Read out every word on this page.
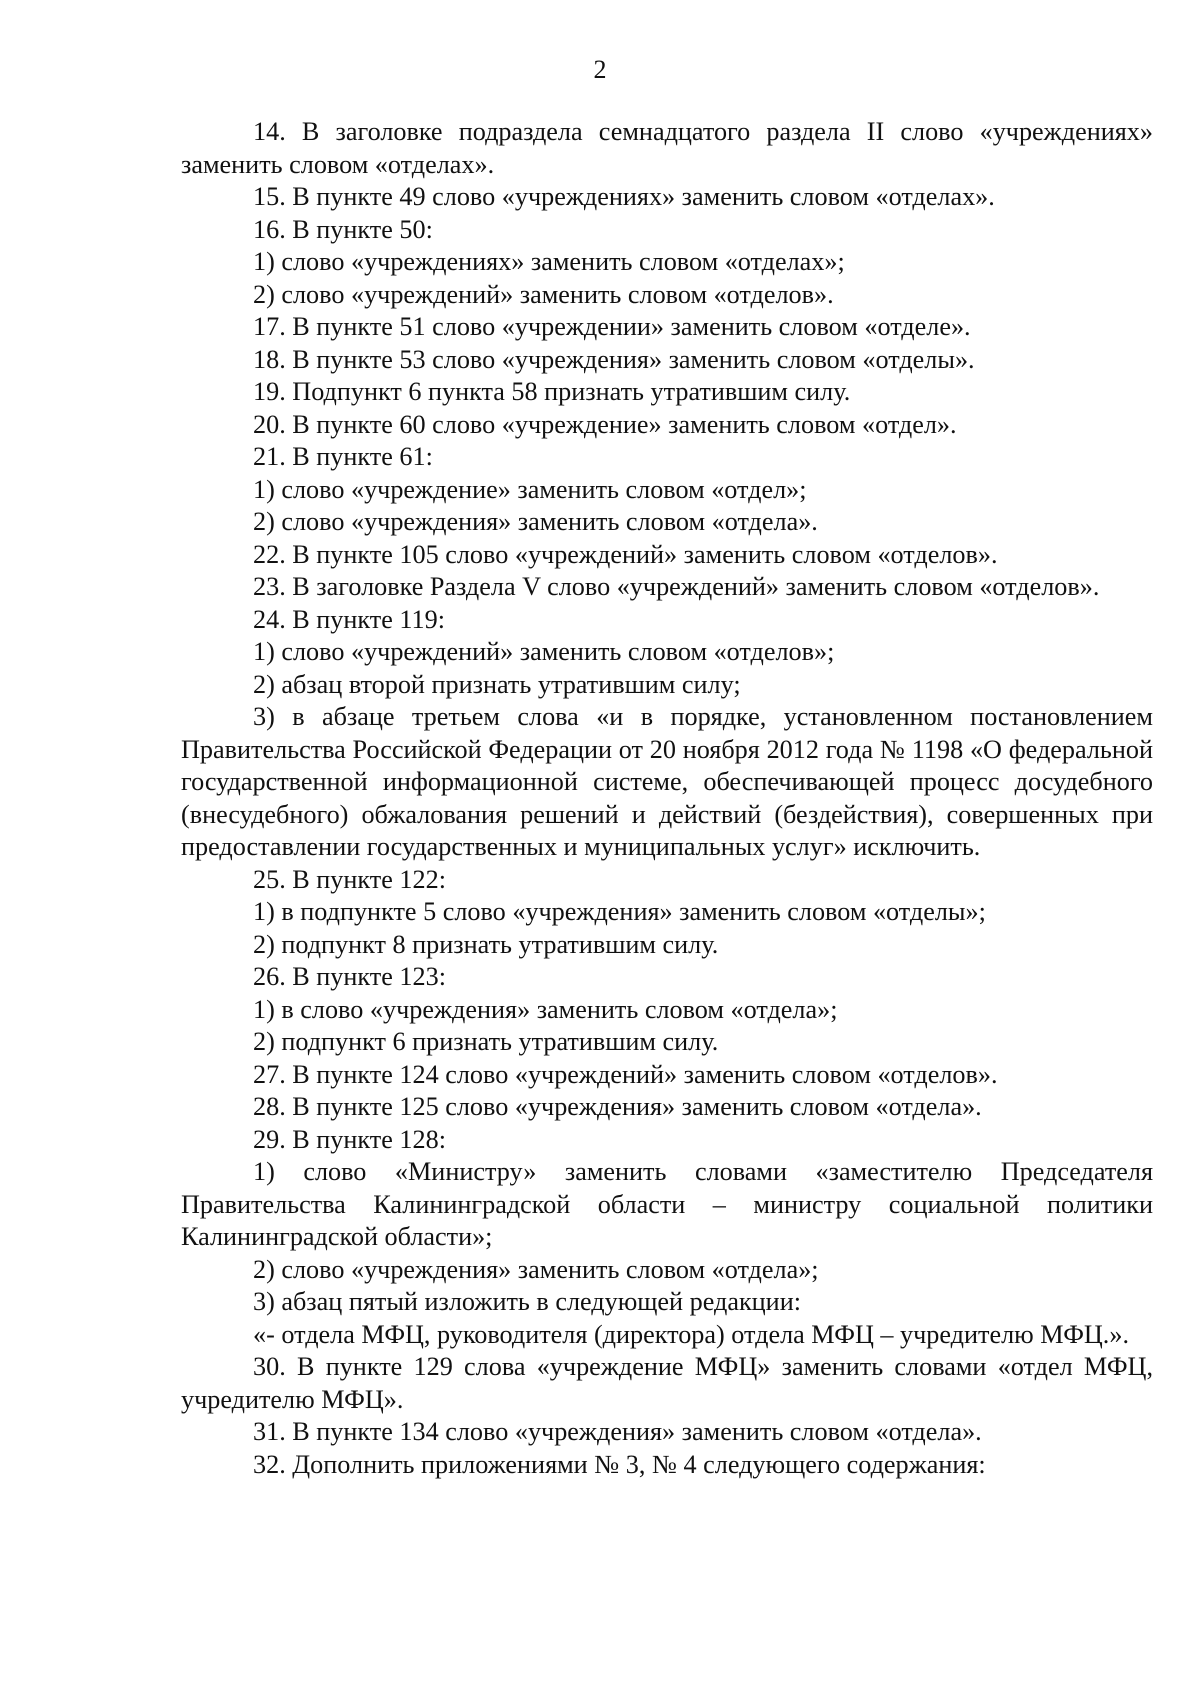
2

14. В заголовке подраздела семнадцатого раздела II слово «учреждениях» заменить словом «отделах».

15. В пункте 49 слово «учреждениях» заменить словом «отделах».

16. В пункте 50:

1) слово «учреждениях» заменить словом «отделах»;

2) слово «учреждений» заменить словом «отделов».

17. В пункте 51 слово «учреждении» заменить словом «отделе».

18. В пункте 53 слово «учреждения» заменить словом «отделы».

19. Подпункт 6 пункта 58 признать утратившим силу.

20. В пункте 60 слово «учреждение» заменить словом «отдел».

21. В пункте 61:

1) слово «учреждение» заменить словом «отдел»;

2) слово «учреждения» заменить словом «отдела».

22. В пункте 105 слово «учреждений» заменить словом «отделов».

23. В заголовке Раздела V слово «учреждений» заменить словом «отделов».

24. В пункте 119:

1) слово «учреждений» заменить словом «отделов»;

2) абзац второй признать утратившим силу;

3) в абзаце третьем слова «и в порядке, установленном постановлением Правительства Российской Федерации от 20 ноября 2012 года № 1198 «О федеральной государственной информационной системе, обеспечивающей процесс досудебного (внесудебного) обжалования решений и действий (бездействия), совершенных при предоставлении государственных и муниципальных услуг» исключить.

25. В пункте 122:

1) в подпункте 5 слово «учреждения» заменить словом «отделы»;

2) подпункт 8 признать утратившим силу.

26. В пункте 123:

1) в слово «учреждения» заменить словом «отдела»;

2) подпункт 6 признать утратившим силу.

27. В пункте 124 слово «учреждений» заменить словом «отделов».

28. В пункте 125 слово «учреждения» заменить словом «отдела».

29. В пункте 128:

1) слово «Министру» заменить словами «заместителю Председателя Правительства Калининградской области – министру социальной политики Калининградской области»;

2) слово «учреждения» заменить словом «отдела»;

3) абзац пятый изложить в следующей редакции:

«- отдела МФЦ, руководителя (директора) отдела МФЦ – учредителю МФЦ.».

30. В пункте 129 слова «учреждение МФЦ» заменить словами «отдел МФЦ, учредителю МФЦ».

31. В пункте 134 слово «учреждения» заменить словом «отдела».

32. Дополнить приложениями № 3, № 4 следующего содержания:
